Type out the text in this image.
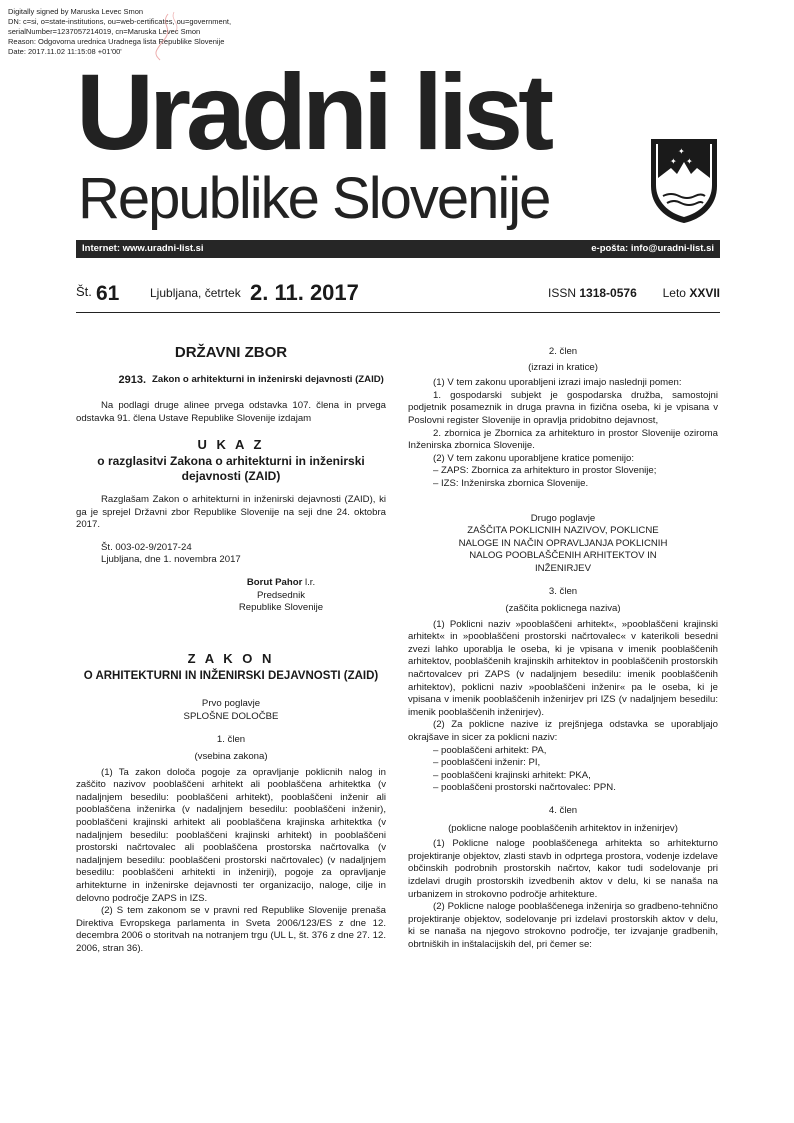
Digitally signed by Maruska Levec Smon
DN: c=si, o=state-institutions, ou=web-certificates, ou=government,
serialNumber=1237057214019, cn=Maruska Levec Smon
Reason: Odgovorna urednica Uradnega lista Republike Slovenije
Date: 2017.11.02 11:15:08 +01'00'
Uradni list
Republike Slovenije
✦
✦ ✦
Internet: www.uradni-list.si	e-pošta: info@uradni-list.si
Št. 61	Ljubljana, četrtek 2. 11. 2017	ISSN 1318-0576 Leto XXVII
DRŽAVNI ZBOR
2913. Zakon o arhitekturni in inženirski dejavnosti (ZAID)

Na podlagi druge alinee prvega odstavka 107. člena in prvega odstavka 91. člena Ustave Republike Slovenije izdajam

U K A Z
o razglasitvi Zakona o arhitekturni in inženirski dejavnosti (ZAID)

Razglašam Zakon o arhitekturni in inženirski dejavnosti (ZAID), ki ga je sprejel Državni zbor Republike Slovenije na seji dne 24. oktobra 2017.

Št. 003-02-9/2017-24

Ljubljana, dne 1. novembra 2017

Borut Pahor l.r.

Predsednik

Republike Slovenije

Z A K O N
O ARHITEKTURNI IN INŽENIRSKI DEJAVNOSTI (ZAID)

Prvo poglavje

SPLOŠNE DOLOČBE

1. člen

(vsebina zakona)

(1) Ta zakon določa pogoje za opravljanje poklicnih nalog in zaščito nazivov pooblaščeni arhitekt ali pooblaščena arhitektka (v nadaljnjem besedilu: pooblaščeni arhitekt), pooblaščeni inženir ali pooblaščena inženirka (v nadaljnjem besedilu: pooblaščeni inženir), pooblaščeni krajinski arhitekt ali pooblaščena krajinska arhitektka (v nadaljnjem besedilu: pooblaščeni krajinski arhitekt) in pooblaščeni prostorski načrtovalec ali pooblaščena prostorska načrtovalka (v nadaljnjem besedilu: pooblaščeni prostorski načrtovalec) (v nadaljnjem besedilu: pooblaščeni arhitekti in inženirji), pogoje za opravljanje arhitekturne in inženirske dejavnosti ter organizacijo, naloge, cilje in delovno področje ZAPS in IZS.

(2) S tem zakonom se v pravni red Republike Slovenije prenaša Direktiva Evropskega parlamenta in Sveta 2006/123/ES z dne 12. decembra 2006 o storitvah na notranjem trgu (UL L, št. 376 z dne 27. 12. 2006, stran 36).

2. člen

(izrazi in kratice)

(1) V tem zakonu uporabljeni izrazi imajo naslednji pomen:

1. gospodarski subjekt je gospodarska družba, samostojni podjetnik posameznik in druga pravna in fizična oseba, ki je vpisana v Poslovni register Slovenije in opravlja pridobitno dejavnost,

2. zbornica je Zbornica za arhitekturo in prostor Slovenije oziroma Inženirska zbornica Slovenije.

(2) V tem zakonu uporabljene kratice pomenijo:

– ZAPS: Zbornica za arhitekturo in prostor Slovenije;

– IZS: Inženirska zbornica Slovenije.

Drugo poglavje

ZAŠČITA POKLICNIH NAZIVOV, POKLICNE NALOGE IN NAČIN OPRAVLJANJA POKLICNIH NALOG POOBLAŠČENIH ARHITEKTOV IN INŽENIRJEV

3. člen

(zaščita poklicnega naziva)

(1) Poklicni naziv »pooblaščeni arhitekt«, »pooblaščeni krajinski arhitekt« in »pooblaščeni prostorski načrtovalec« v katerikoli besedni zvezi lahko uporablja le oseba, ki je vpisana v imenik pooblaščenih arhitektov, pooblaščenih krajinskih arhitektov in pooblaščenih prostorskih načrtovalcev pri ZAPS (v nadaljnjem besedilu: imenik pooblaščenih arhitektov), poklicni naziv »pooblaščeni inženir« pa le oseba, ki je vpisana v imenik pooblaščenih inženirjev pri IZS (v nadaljnjem besedilu: imenik pooblaščenih inženirjev).

(2) Za poklicne nazive iz prejšnjega odstavka se uporabljajo okrajšave in sicer za poklicni naziv:

– pooblaščeni arhitekt: PA,

– pooblaščeni inženir: PI,

– pooblaščeni krajinski arhitekt: PKA,

– pooblaščeni prostorski načrtovalec: PPN.

4. člen

(poklicne naloge pooblaščenih arhitektov in inženirjev)

(1) Poklicne naloge pooblaščenega arhitekta so arhitekturno projektiranje objektov, zlasti stavb in odprtega prostora, vodenje izdelave občinskih podrobnih prostorskih načrtov, kakor tudi sodelovanje pri izdelavi drugih prostorskih izvedbenih aktov v delu, ki se nanaša na urbanizem in strokovno področje arhitekture.

(2) Poklicne naloge pooblaščenega inženirja so gradbeno-tehnično projektiranje objektov, sodelovanje pri izdelavi prostorskih aktov v delu, ki se nanaša na njegovo strokovno področje, ter izvajanje gradbenih, obrtniških in inštalacijskih del, pri čemer se:
